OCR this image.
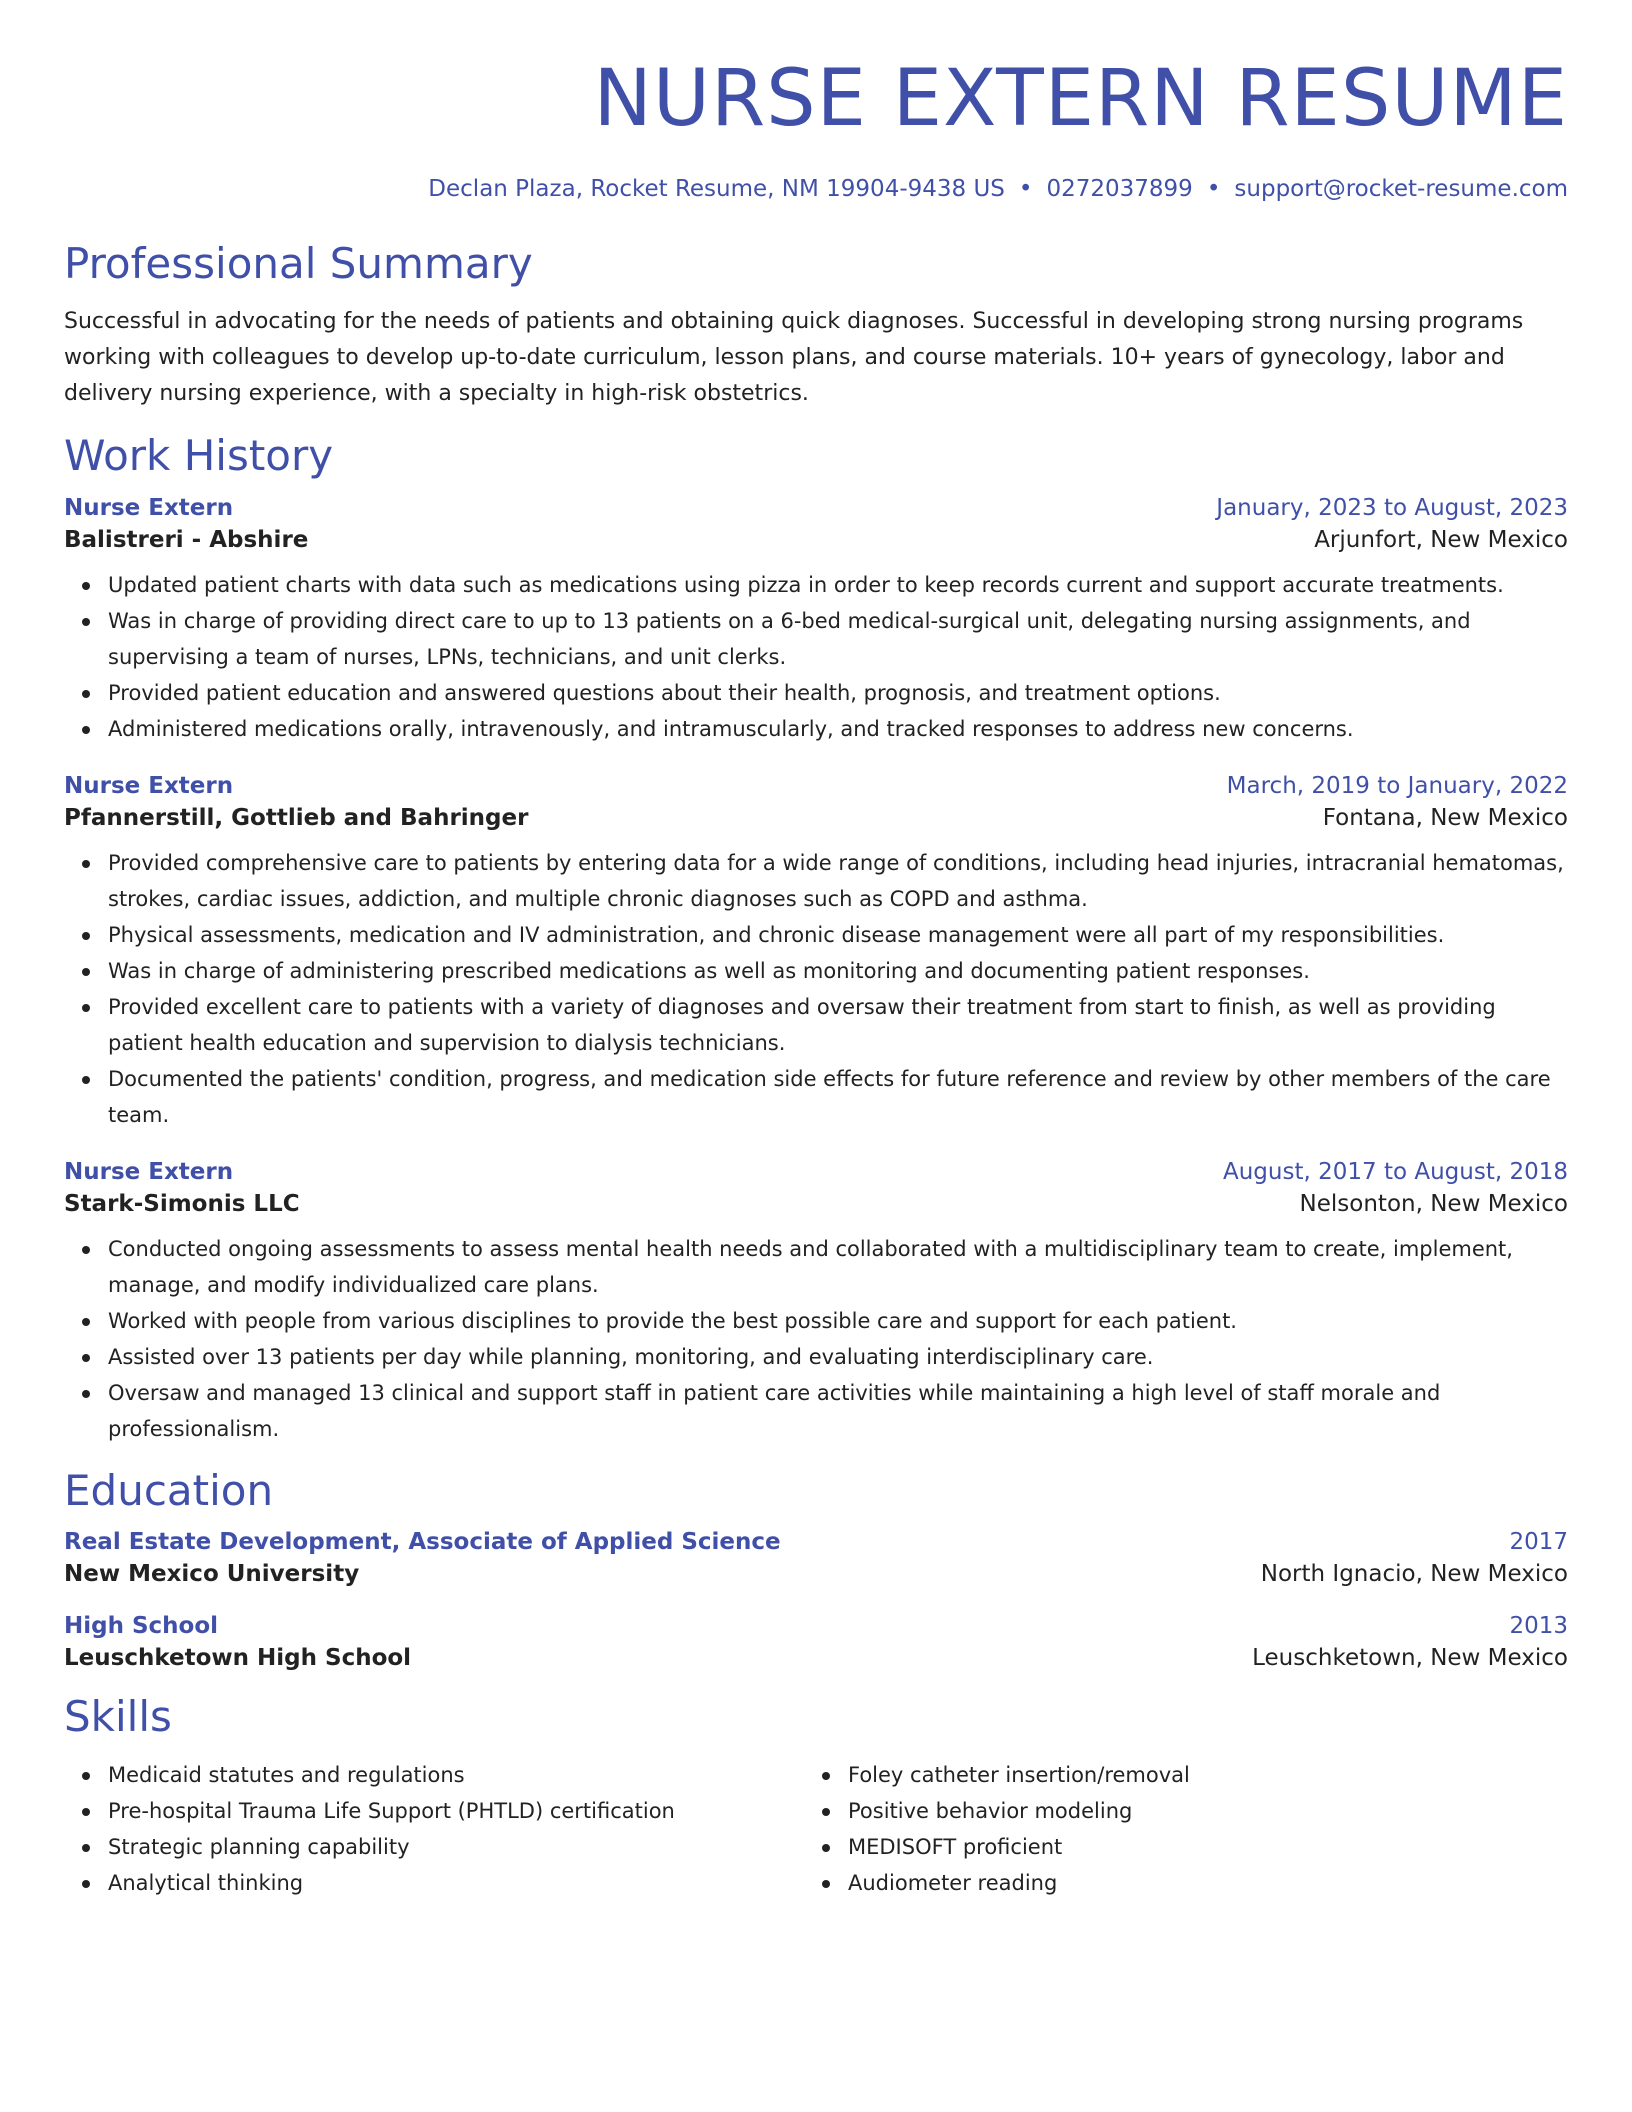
NURSE EXTERN RESUME
Declan Plaza, Rocket Resume, NM 19904-9438 US • 0272037899 • support@rocket-resume.com
Professional Summary

Successful in advocating for the needs of patients and obtaining quick diagnoses. Successful in developing strong nursing programs working with colleagues to develop up-to-date curriculum, lesson plans, and course materials. 10+ years of gynecology, labor and delivery nursing experience, with a specialty in high-risk obstetrics.

Work History
Nurse Extern	January, 2023 to August, 2023
Balistreri - Abshire	Arjunfort, New Mexico
Updated patient charts with data such as medications using pizza in order to keep records current and support accurate treatments.
Was in charge of providing direct care to up to 13 patients on a 6-bed medical-surgical unit, delegating nursing assignments, and supervising a team of nurses, LPNs, technicians, and unit clerks.
Provided patient education and answered questions about their health, prognosis, and treatment options.
Administered medications orally, intravenously, and intramuscularly, and tracked responses to address new concerns.
Nurse Extern	March, 2019 to January, 2022
Pfannerstill, Gottlieb and Bahringer	Fontana, New Mexico
Provided comprehensive care to patients by entering data for a wide range of conditions, including head injuries, intracranial hematomas, strokes, cardiac issues, addiction, and multiple chronic diagnoses such as COPD and asthma.
Physical assessments, medication and IV administration, and chronic disease management were all part of my responsibilities.
Was in charge of administering prescribed medications as well as monitoring and documenting patient responses.
Provided excellent care to patients with a variety of diagnoses and oversaw their treatment from start to finish, as well as providing patient health education and supervision to dialysis technicians.
Documented the patients' condition, progress, and medication side effects for future reference and review by other members of the care team.
Nurse Extern	August, 2017 to August, 2018
Stark-Simonis LLC	Nelsonton, New Mexico
Conducted ongoing assessments to assess mental health needs and collaborated with a multidisciplinary team to create, implement, manage, and modify individualized care plans.
Worked with people from various disciplines to provide the best possible care and support for each patient.
Assisted over 13 patients per day while planning, monitoring, and evaluating interdisciplinary care.
Oversaw and managed 13 clinical and support staff in patient care activities while maintaining a high level of staff morale and professionalism.
Education
Real Estate Development, Associate of Applied Science	2017
New Mexico University	North Ignacio, New Mexico
High School	2013
Leuschketown High School	Leuschketown, New Mexico
Skills
Medicaid statutes and regulations
Pre-hospital Trauma Life Support (PHTLD) certification
Strategic planning capability
Analytical thinking
Foley catheter insertion/removal
Positive behavior modeling
MEDISOFT proficient
Audiometer reading
